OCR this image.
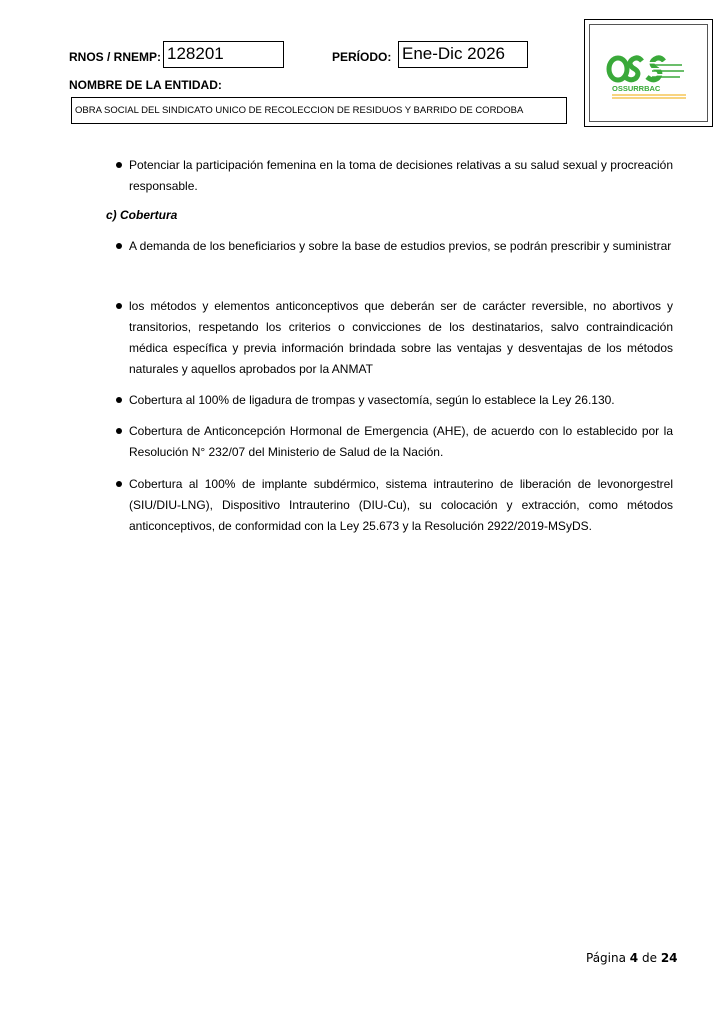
RNOS / RNEMP: 128201	PERÍODO: Ene-Dic 2026
NOMBRE DE LA ENTIDAD:
OBRA SOCIAL DEL SINDICATO UNICO DE RECOLECCION DE RESIDUOS Y BARRIDO DE CORDOBA
OSSURRBAC
Potenciar la participación femenina en la toma de decisiones relativas a su salud sexual y procreación responsable.
c) Cobertura
A demanda de los beneficiarios y sobre la base de estudios previos, se podrán prescribir y suministrar
los métodos y elementos anticonceptivos que deberán ser de carácter reversible, no abortivos y transitorios, respetando los criterios o convicciones de los destinatarios, salvo contraindicación médica específica y previa información brindada sobre las ventajas y desventajas de los métodos naturales y aquellos aprobados por la ANMAT
Cobertura al 100% de ligadura de trompas y vasectomía, según lo establece la Ley 26.130.
Cobertura de Anticoncepción Hormonal de Emergencia (AHE), de acuerdo con lo establecido por la Resolución N° 232/07 del Ministerio de Salud de la Nación.
Cobertura al 100% de implante subdérmico, sistema intrauterino de liberación de levonorgestrel (SIU/DIU-LNG), Dispositivo Intrauterino (DIU-Cu), su colocación y extracción, como métodos anticonceptivos, de conformidad con la Ley 25.673 y la Resolución 2922/2019-MSyDS.
Página 4 de 24
